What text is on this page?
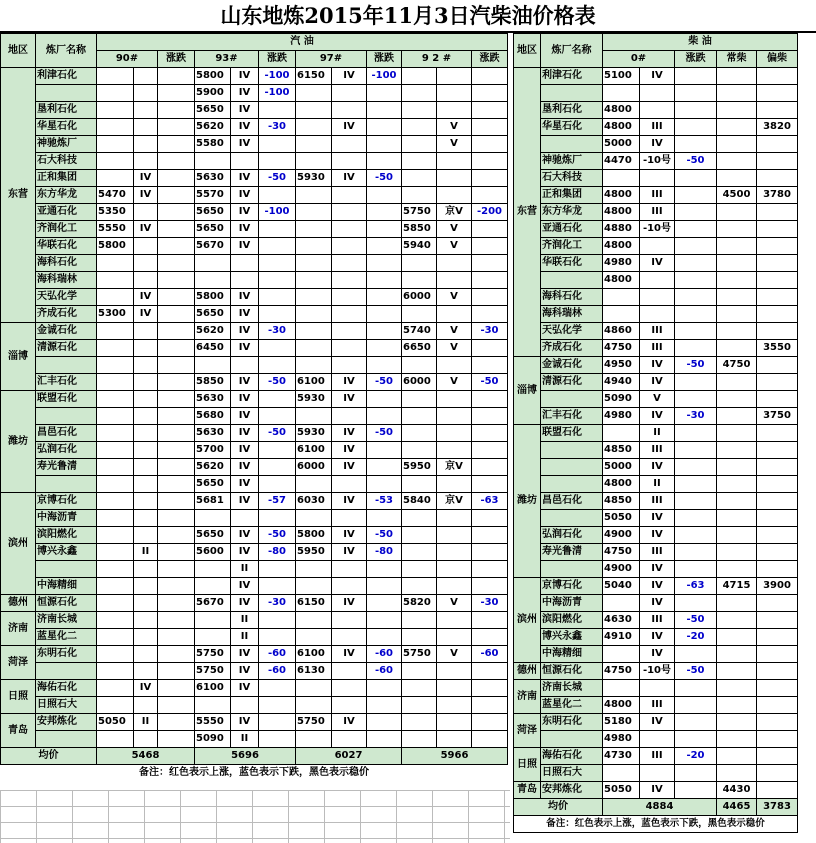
山东地炼2015年11月3日汽柴油价格表
地区	炼厂名称	汽 油											
		90#		涨跌	93#		涨跌	97#		涨跌	9 2 #		涨跌
东营	利津石化				5800	IV	-100	6150	IV	-100			
					5900	IV	-100						
	垦利石化				5650	IV							
	华星石化				5620	IV	-30		IV			V	
	神驰炼厂				5580	IV						V	
	石大科技												
	正和集团		IV		5630	IV	-50	5930	IV	-50			
	东方华龙	5470	IV		5570	IV							
	亚通石化	5350			5650	IV	-100				5750	京V	-200
	齐润化工	5550	IV		5650	IV					5850	V	
	华联石化	5800			5670	IV					5940	V	
	海科石化												
	海科瑞林												
	天弘化学		IV		5800	IV					6000	V	
	齐成石化	5300	IV		5650	IV							
淄博	金诚石化				5620	IV	-30				5740	V	-30
	清源石化				6450	IV					6650	V	

	汇丰石化				5850	IV	-50	6100	IV	-50	6000	V	-50
潍坊	联盟石化				5630	IV		5930	IV				
					5680	IV							
	昌邑石化				5630	IV	-50	5930	IV	-50			
	弘润石化				5700	IV		6100	IV				
	寿光鲁清				5620	IV		6000	IV		5950	京V	
					5650	IV							
滨州	京博石化				5681	IV	-57	6030	IV	-53	5840	京V	-63
	中海沥青												
	滨阳燃化				5650	IV	-50	5800	IV	-50			
	博兴永鑫		II		5600	IV	-80	5950	IV	-80			
						II							
	中海精细					IV							
德州	恒源石化				5670	IV	-30	6150	IV		5820	V	-30
济南	济南长城					II							
	蓝星化二					II							
菏泽	东明石化				5750	IV	-60	6100	IV	-60	5750	V	-60
					5750	IV	-60	6130		-60			
日照	海佑石化		IV		6100	IV							
	日照石大												
青岛	安邦炼化	5050	II		5550	IV		5750	IV				
					5090	II							
均价		5468			5696			6027			5966		
备注：红色表示上涨，蓝色表示下跌，黑色表示稳价													
地区	炼厂名称	柴 油				
		0#		涨跌	常柴	偏柴
东营	利津石化	5100	IV			

	垦利石化	4800				
	华星石化	4800	III			3820
		5000	IV			
	神驰炼厂	4470	-10号	-50		
	石大科技					
	正和集团	4800	III		4500	3780
	东方华龙	4800	III			
	亚通石化	4880	-10号			
	齐润化工	4800				
	华联石化	4980	IV			
		4800				
	海科石化					
	海科瑞林					
	天弘化学	4860	III			
	齐成石化	4750	III			3550
淄博	金诚石化	4950	IV	-50	4750	
	清源石化	4940	IV			
		5090	V			
	汇丰石化	4980	IV	-30		3750
潍坊	联盟石化		II			
		4850	III			
		5000	IV			
		4800	II			
	昌邑石化	4850	III			
		5050	IV			
	弘润石化	4900	IV			
	寿光鲁清	4750	III			
		4900	IV			
滨州	京博石化	5040	IV	-63	4715	3900
	中海沥青		IV			
	滨阳燃化	4630	III	-50		
	博兴永鑫	4910	IV	-20		
	中海精细		IV			
德州	恒源石化	4750	-10号	-50		
济南	济南长城					
	蓝星化二	4800	III			
菏泽	东明石化	5180	IV			
		4980				
日照	海佑石化	4730	III	-20		
	日照石大					
青岛	安邦炼化	5050	IV		4430	
均价		4884			4465	3783
备注：红色表示上涨，蓝色表示下跌，黑色表示稳价						
